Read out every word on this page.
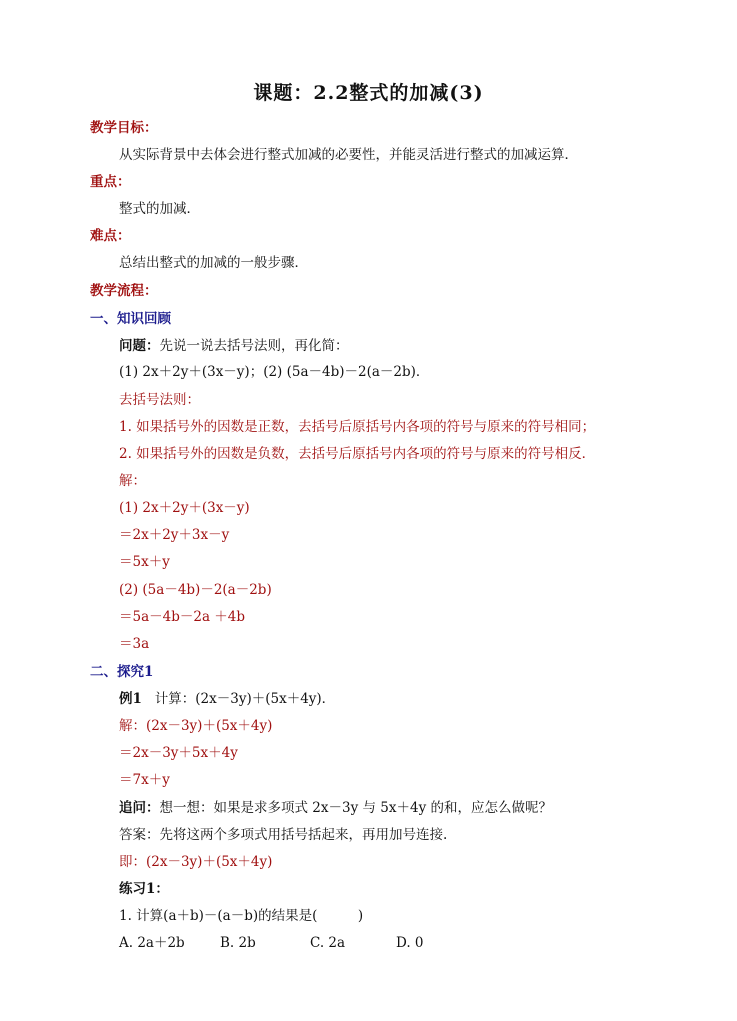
课题：2.2整式的加减(3)
教学目标：
从实际背景中去体会进行整式加减的必要性，并能灵活进行整式的加减运算．
重点：
整式的加减．
难点：
总结出整式的加减的一般步骤．
教学流程：
一、知识回顾
问题：先说一说去括号法则，再化简：
(1) 2x＋2y＋(3x－y)；(2) (5a－4b)－2(a－2b)．
去括号法则：
1. 如果括号外的因数是正数，去括号后原括号内各项的符号与原来的符号相同；
2. 如果括号外的因数是负数，去括号后原括号内各项的符号与原来的符号相反．
解：
(1) 2x＋2y＋(3x－y)
＝2x＋2y＋3x－y
＝5x＋y
(2) (5a－4b)－2(a－2b)
＝5a－4b－2a ＋4b
＝3a
二、探究1
例1 计算：(2x－3y)＋(5x＋4y)．
解：(2x－3y)＋(5x＋4y)
＝2x－3y＋5x＋4y
＝7x＋y
追问：想一想：如果是求多项式 2x－3y 与 5x＋4y 的和，应怎么做呢？
答案：先将这两个多项式用括号括起来，再用加号连接.
即：(2x－3y)＋(5x＋4y)
练习1：
1. 计算(a＋b)－(a－b)的结果是(　　　)
A. 2a＋2b	B. 2b	C. 2a	D. 0
